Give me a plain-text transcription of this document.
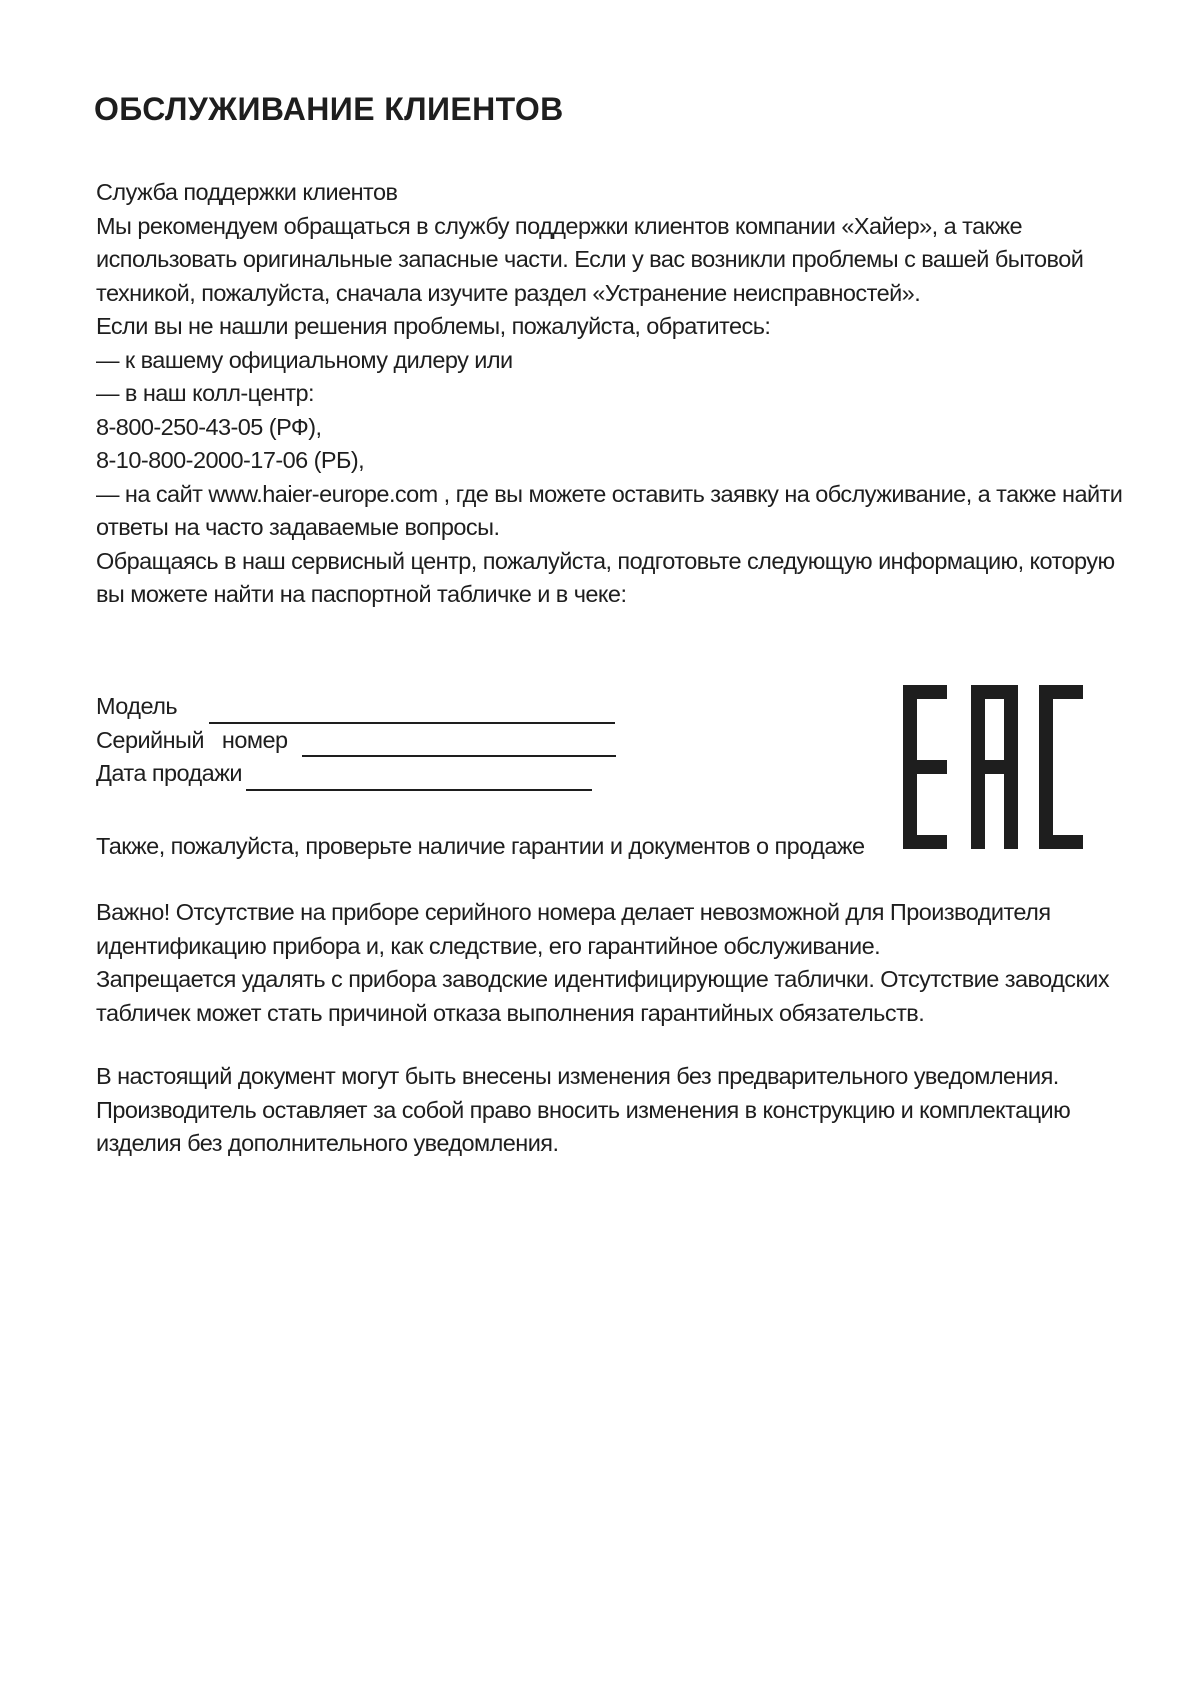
ОБСЛУЖИВАНИЕ КЛИЕНТОВ
Служба поддержки клиентов
Мы рекомендуем обращаться в службу поддержки клиентов компании «Хайер», а также
использовать оригинальные запасные части. Если у вас возникли проблемы с вашей бытовой
техникой, пожалуйста, сначала изучите раздел «Устранение неисправностей».
Если вы не нашли решения проблемы, пожалуйста, обратитесь:
— к вашему официальному дилеру или
— в наш колл-центр:
8-800-250-43-05 (РФ),
8-10-800-2000-17-06 (РБ),
— на сайт www.haier-europe.com , где вы можете оставить заявку на обслуживание, а также найти
ответы на часто задаваемые вопросы.
Обращаясь в наш сервисный центр, пожалуйста, подготовьте следующую информацию, которую
вы можете найти на паспортной табличке и в чеке:
Модель
Серийный   номер
Дата продажи
Также, пожалуйста, проверьте наличие гарантии и документов о продаже
Важно! Отсутствие на приборе серийного номера делает невозможной для Производителя
идентификацию прибора и, как следствие, его гарантийное обслуживание.
Запрещается удалять с прибора заводские идентифицирующие таблички. Отсутствие заводских
табличек может стать причиной отказа выполнения гарантийных обязательств.
В настоящий документ могут быть внесены изменения без предварительного уведомления.
Производитель оставляет за собой право вносить изменения в конструкцию и комплектацию
изделия без дополнительного уведомления.
